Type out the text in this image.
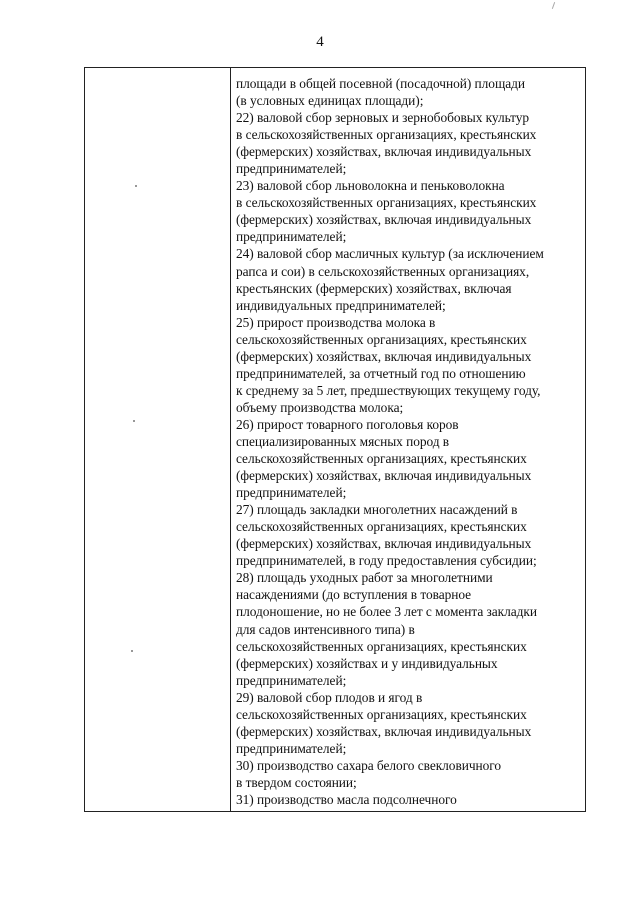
4
площади в общей посевной (посадочной) площади
(в условных единицах площади);
22) валовой сбор зерновых и зернобобовых культур
в сельскохозяйственных организациях, крестьянских
(фермерских) хозяйствах, включая индивидуальных
предпринимателей;
23) валовой сбор льноволокна и пеньковолокна
в сельскохозяйственных организациях, крестьянских
(фермерских) хозяйствах, включая индивидуальных
предпринимателей;
24) валовой сбор масличных культур (за исключением
рапса и сои) в сельскохозяйственных организациях,
крестьянских (фермерских) хозяйствах, включая
индивидуальных предпринимателей;
25) прирост производства молока в
сельскохозяйственных организациях, крестьянских
(фермерских) хозяйствах, включая индивидуальных
предпринимателей, за отчетный год по отношению
к среднему за 5 лет, предшествующих текущему году,
объему производства молока;
26) прирост товарного поголовья коров
специализированных мясных пород в
сельскохозяйственных организациях, крестьянских
(фермерских) хозяйствах, включая индивидуальных
предпринимателей;
27) площадь закладки многолетних насаждений в
сельскохозяйственных организациях, крестьянских
(фермерских) хозяйствах, включая индивидуальных
предпринимателей, в году предоставления субсидии;
28) площадь уходных работ за многолетними
насаждениями (до вступления в товарное
плодоношение, но не более 3 лет с момента закладки
для садов интенсивного типа) в
сельскохозяйственных организациях, крестьянских
(фермерских) хозяйствах и у индивидуальных
предпринимателей;
29) валовой сбор плодов и ягод в
сельскохозяйственных организациях, крестьянских
(фермерских) хозяйствах, включая индивидуальных
предпринимателей;
30) производство сахара белого свекловичного
в твердом состоянии;
31) производство масла подсолнечного
